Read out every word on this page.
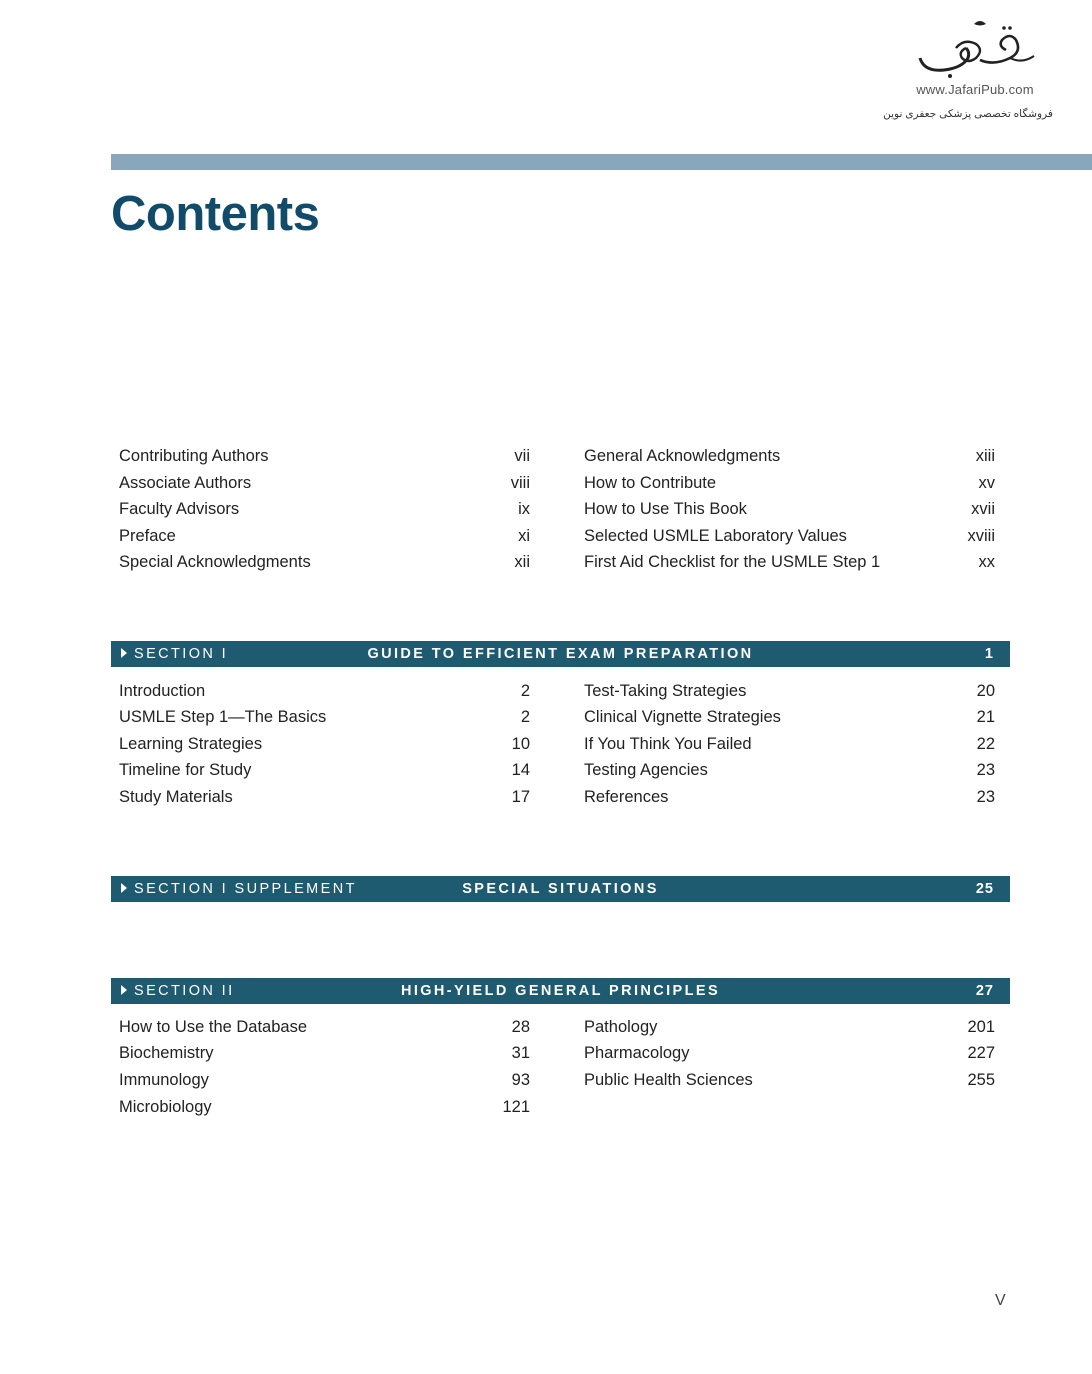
www.JafariPub.com
فروشگاه تخصصی پزشکی جعفری نوین
Contents
Contributing Authors	vii
Associate Authors	viii
Faculty Advisors	ix
Preface	xi
Special Acknowledgments	xii
General Acknowledgments	xiii
How to Contribute	xv
How to Use This Book	xvii
Selected USMLE Laboratory Values	xviii
First Aid Checklist for the USMLE Step 1	xx
SECTION I	GUIDE TO EFFICIENT EXAM PREPARATION	1
Introduction	2
USMLE Step 1—The Basics	2
Learning Strategies	10
Timeline for Study	14
Study Materials	17
Test-Taking Strategies	20
Clinical Vignette Strategies	21
If You Think You Failed	22
Testing Agencies	23
References	23
SECTION I SUPPLEMENT	SPECIAL SITUATIONS	25
SECTION II	HIGH-YIELD GENERAL PRINCIPLES	27
How to Use the Database	28
Biochemistry	31
Immunology	93
Microbiology	121
Pathology	201
Pharmacology	227
Public Health Sciences	255
V
